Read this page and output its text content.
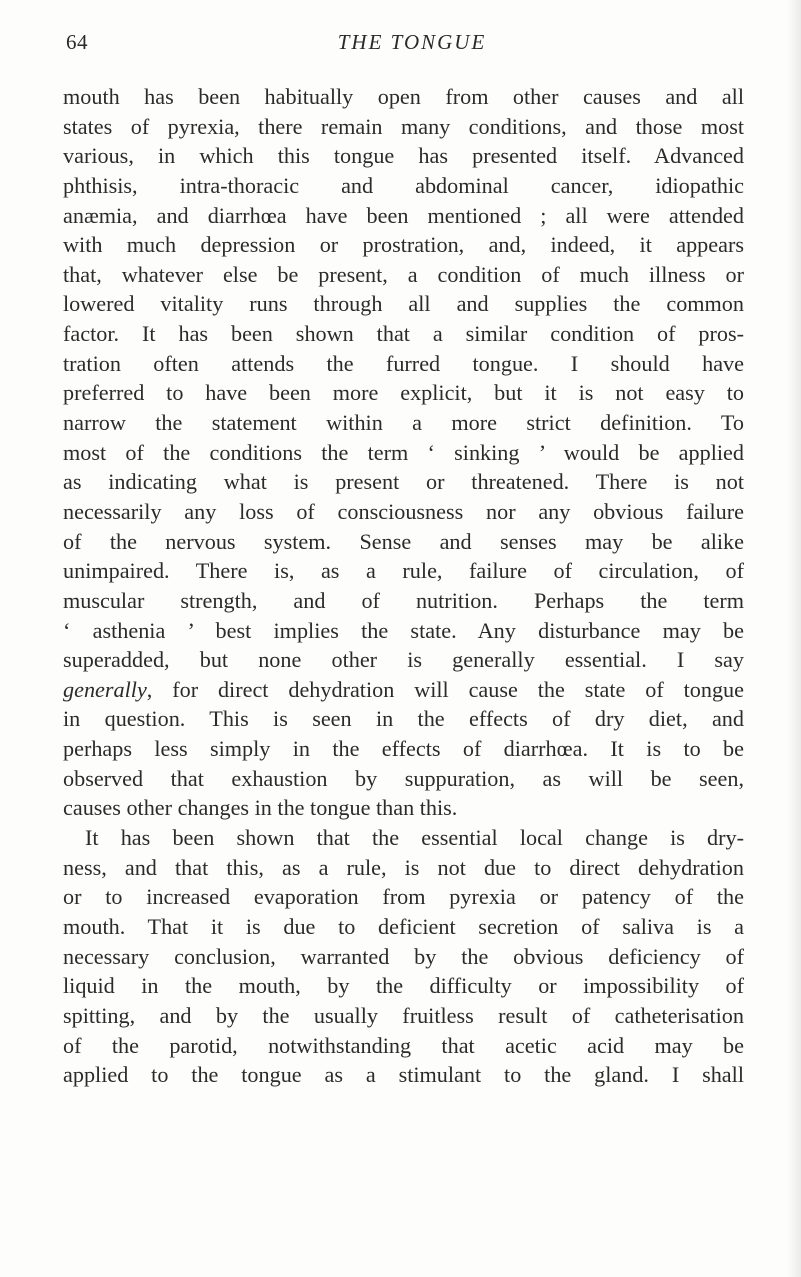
64	THE TONGUE
mouth has been habitually open from other causes and all
states of pyrexia, there remain many conditions, and those most
various, in which this tongue has presented itself. Advanced
phthisis, intra-thoracic and abdominal cancer, idiopathic
anæmia, and diarrhœa have been mentioned ; all were attended
with much depression or prostration, and, indeed, it appears
that, whatever else be present, a condition of much illness or
lowered vitality runs through all and supplies the common
factor. It has been shown that a similar condition of pros-
tration often attends the furred tongue. I should have
preferred to have been more explicit, but it is not easy to
narrow the statement within a more strict definition. To
most of the conditions the term ‘ sinking ’ would be applied
as indicating what is present or threatened. There is not
necessarily any loss of consciousness nor any obvious failure
of the nervous system. Sense and senses may be alike
unimpaired. There is, as a rule, failure of circulation, of
muscular strength, and of nutrition. Perhaps the term
‘ asthenia ’ best implies the state. Any disturbance may be
superadded, but none other is generally essential. I say
generally, for direct dehydration will cause the state of tongue
in question. This is seen in the effects of dry diet, and
perhaps less simply in the effects of diarrhœa. It is to be
observed that exhaustion by suppuration, as will be seen,
causes other changes in the tongue than this.
It has been shown that the essential local change is dry-
ness, and that this, as a rule, is not due to direct dehydration
or to increased evaporation from pyrexia or patency of the
mouth. That it is due to deficient secretion of saliva is a
necessary conclusion, warranted by the obvious deficiency of
liquid in the mouth, by the difficulty or impossibility of
spitting, and by the usually fruitless result of catheterisation
of the parotid, notwithstanding that acetic acid may be
applied to the tongue as a stimulant to the gland. I shall
